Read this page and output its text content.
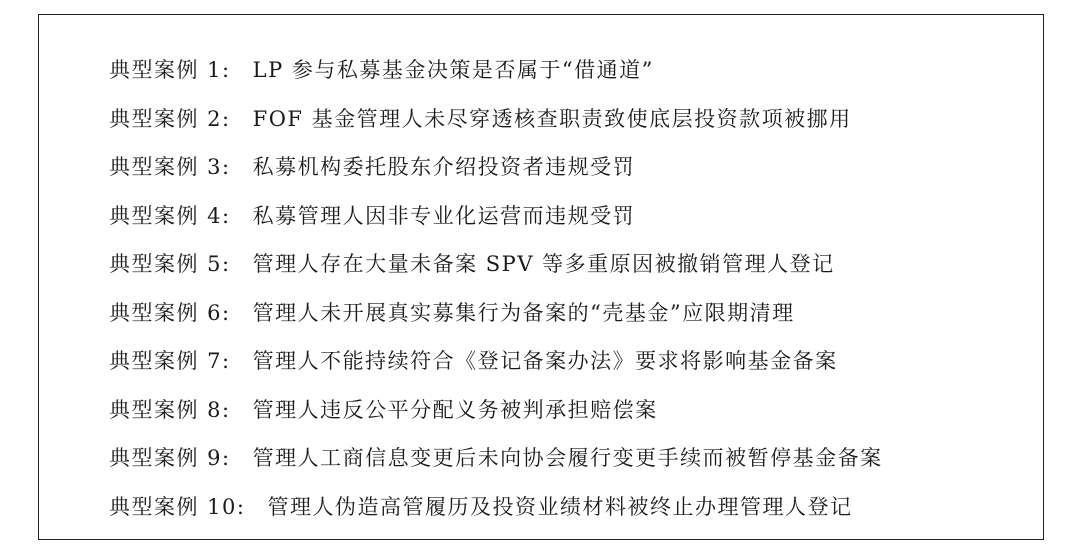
典型案例 1: LP 参与私募基金决策是否属于“借通道”
典型案例 2: FOF 基金管理人未尽穿透核查职责致使底层投资款项被挪用
典型案例 3: 私募机构委托股东介绍投资者违规受罚
典型案例 4: 私募管理人因非专业化运营而违规受罚
典型案例 5: 管理人存在大量未备案 SPV 等多重原因被撤销管理人登记
典型案例 6: 管理人未开展真实募集行为备案的“壳基金”应限期清理
典型案例 7: 管理人不能持续符合《登记备案办法》要求将影响基金备案
典型案例 8: 管理人违反公平分配义务被判承担赔偿案
典型案例 9: 管理人工商信息变更后未向协会履行变更手续而被暂停基金备案
典型案例 10: 管理人伪造高管履历及投资业绩材料被终止办理管理人登记
